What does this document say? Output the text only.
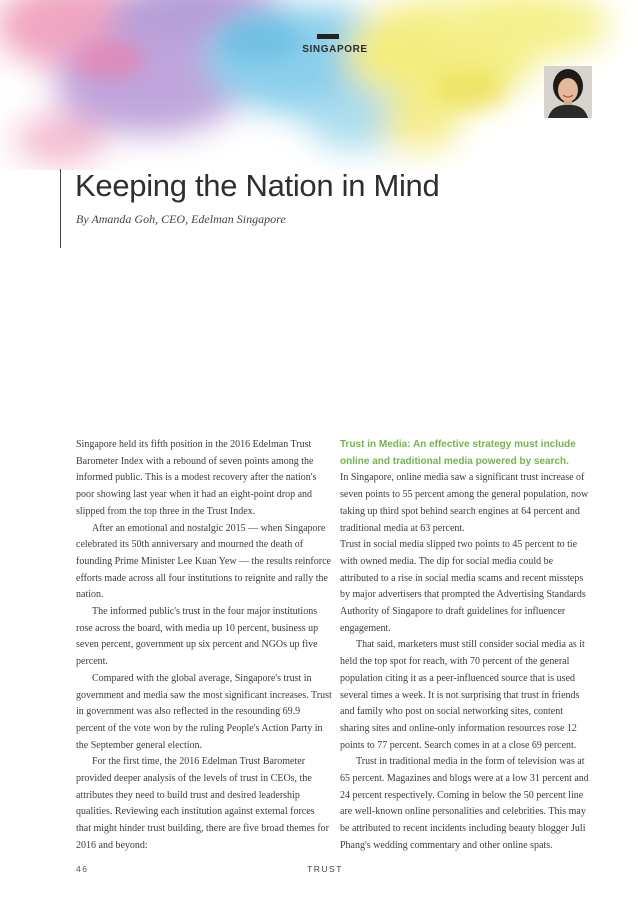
SINGAPORE
Keeping the Nation in Mind

By Amanda Goh, CEO, Edelman Singapore

Singapore held its fifth position in the 2016 Edelman Trust Barometer Index with a rebound of seven points among the informed public. This is a modest recovery after the nation's poor showing last year when it had an eight-point drop and slipped from the top three in the Trust Index.

After an emotional and nostalgic 2015 — when Singapore celebrated its 50th anniversary and mourned the death of founding Prime Minister Lee Kuan Yew — the results reinforce efforts made across all four institutions to reignite and rally the nation.

The informed public's trust in the four major institutions rose across the board, with media up 10 percent, business up seven percent, government up six percent and NGOs up five percent.

Compared with the global average, Singapore's trust in government and media saw the most significant increases. Trust in government was also reflected in the resounding 69.9 percent of the vote won by the ruling People's Action Party in the September general election.

For the first time, the 2016 Edelman Trust Barometer provided deeper analysis of the levels of trust in CEOs, the attributes they need to build trust and desired leadership qualities. Reviewing each institution against external forces that might hinder trust building, there are five broad themes for 2016 and beyond:

Trust in Media: An effective strategy must include online and traditional media powered by search.

In Singapore, online media saw a significant trust increase of seven points to 55 percent among the general population, now taking up third spot behind search engines at 64 percent and traditional media at 63 percent.

Trust in social media slipped two points to 45 percent to tie with owned media. The dip for social media could be attributed to a rise in social media scams and recent missteps by major advertisers that prompted the Advertising Standards Authority of Singapore to draft guidelines for influencer engagement.

That said, marketers must still consider social media as it held the top spot for reach, with 70 percent of the general population citing it as a peer-influenced source that is used several times a week. It is not surprising that trust in friends and family who post on social networking sites, content sharing sites and online-only information resources rose 12 points to 77 percent. Search comes in at a close 69 percent.

Trust in traditional media in the form of television was at 65 percent. Magazines and blogs were at a low 31 percent and 24 percent respectively. Coming in below the 50 percent line are well-known online personalities and celebrities. This may be attributed to recent incidents including beauty blogger Juli Phang's wedding commentary and other online spats.

46	TRUST
